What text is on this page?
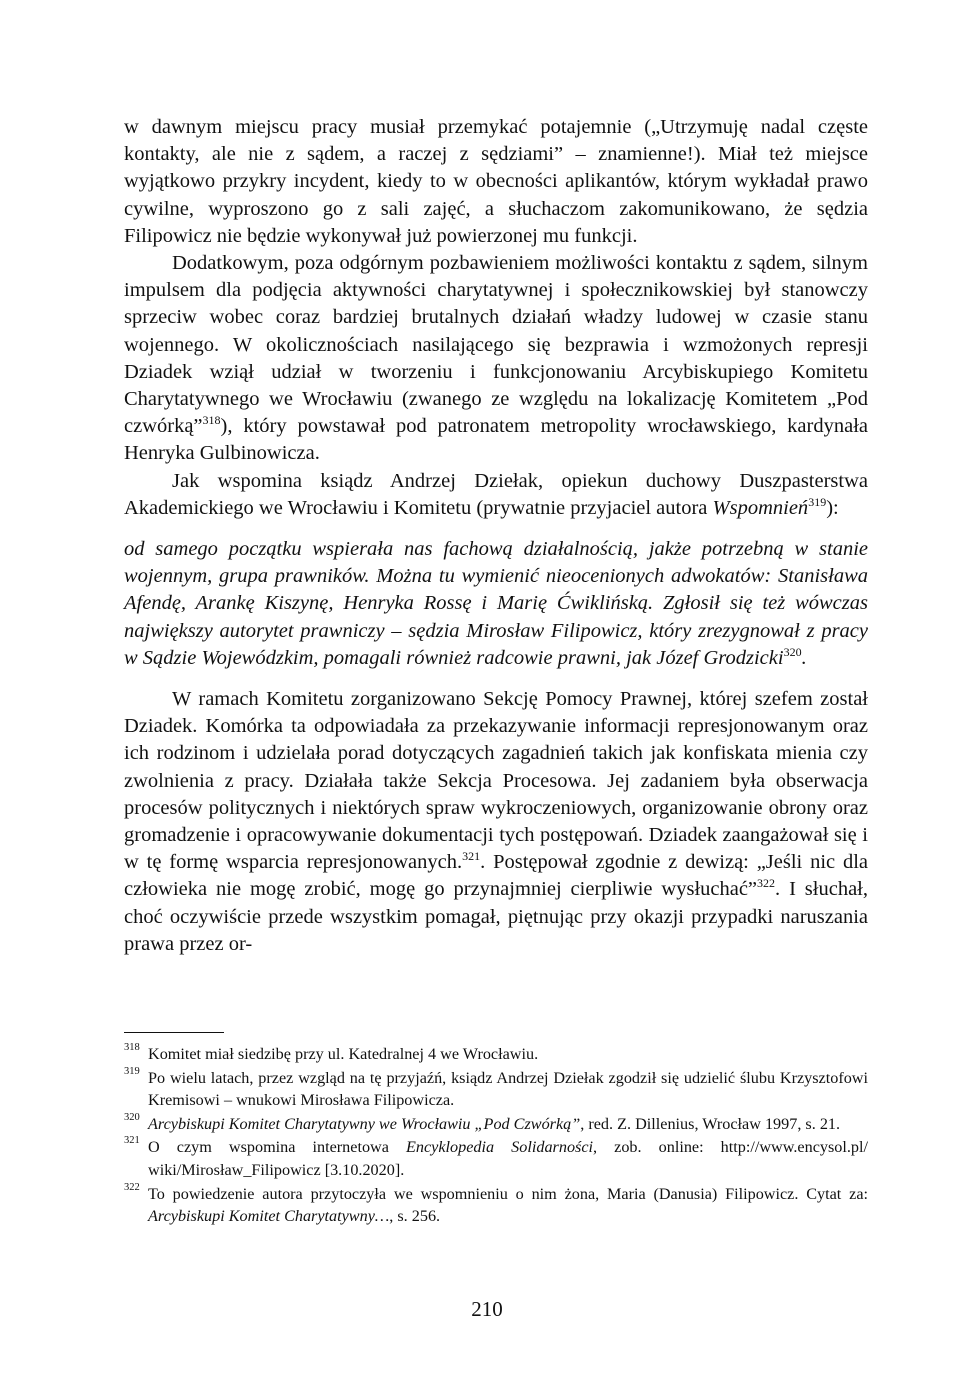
w dawnym miejscu pracy musiał przemykać potajemnie („Utrzymuję nadal częste kontakty, ale nie z sądem, a raczej z sędziami” – znamienne!). Miał też miejsce wyjątkowo przykry incydent, kiedy to w obecności aplikantów, którym wykładał prawo cywilne, wyproszono go z sali zajęć, a słuchaczom zakomunikowano, że sędzia Filipowicz nie będzie wykonywał już powierzonej mu funkcji.

Dodatkowym, poza odgórnym pozbawieniem możliwości kontaktu z sądem, silnym impulsem dla podjęcia aktywności charytatywnej i społecznikowskiej był stanowczy sprzeciw wobec coraz bardziej brutalnych działań władzy ludowej w czasie stanu wojennego. W okolicznościach nasilającego się bezprawia i wzmożonych represji Dziadek wziął udział w tworzeniu i funkcjonowaniu Arcybiskupiego Komitetu Charytatywnego we Wrocławiu (zwanego ze względu na lokalizację Komitetem „Pod czwórką”$^{318}$), który powstawał pod patronatem metropolity wrocławskiego, kardynała Henryka Gulbinowicza.

Jak wspomina ksiądz Andrzej Dziełak, opiekun duchowy Duszpasterstwa Akademickiego we Wrocławiu i Komitetu (prywatnie przyjaciel autora Wspomnień$^{319}$):

od samego początku wspierała nas fachową działalnością, jakże potrzebną w stanie wojennym, grupa prawników. Można tu wymienić nieocenionych adwokatów: Stanisława Afendę, Arankę Kiszynę, Henryka Rossę i Marię Ćwiklińską. Zgłosił się też wówczas największy autorytet prawniczy – sędzia Mirosław Filipowicz, który zrezygnował z pracy w Sądzie Wojewódzkim, pomagali również radcowie prawni, jak Józef Grodzicki$^{320}$.

W ramach Komitetu zorganizowano Sekcję Pomocy Prawnej, której szefem został Dziadek. Komórka ta odpowiadała za przekazywanie informacji represjonowanym oraz ich rodzinom i udzielała porad dotyczących zagadnień takich jak konfiskata mienia czy zwolnienia z pracy. Działała także Sekcja Procesowa. Jej zadaniem była obserwacja procesów politycznych i niektórych spraw wykroczeniowych, organizowanie obrony oraz gromadzenie i opracowywanie dokumentacji tych postępowań. Dziadek zaangażował się i w tę formę wsparcia represjonowanych.$^{321}$. Postępował zgodnie z dewizą: „Jeśli nic dla człowieka nie mogę zrobić, mogę go przynajmniej cierpliwie wysłuchać”$^{322}$. I słuchał, choć oczywiście przede wszystkim pomagał, piętnując przy okazji przypadki naruszania prawa przez or-

318 Komitet miał siedzibę przy ul. Katedralnej 4 we Wrocławiu.

319 Po wielu latach, przez wzgląd na tę przyjaźń, ksiądz Andrzej Dziełak zgodził się udzielić ślubu Krzysztofowi Kremisowi – wnukowi Mirosława Filipowicza.

320 Arcybiskupi Komitet Charytatywny we Wrocławiu „Pod Czwórką”, red. Z. Dillenius, Wrocław 1997, s. 21.

321 O czym wspomina internetowa Encyklopedia Solidarności, zob. online: http://www.encysol.pl/ wiki/Mirosław_Filipowicz [3.10.2020].

322 To powiedzenie autora przytoczyła we wspomnieniu o nim żona, Maria (Danusia) Filipowicz. Cytat za: Arcybiskupi Komitet Charytatywny…, s. 256.

210
